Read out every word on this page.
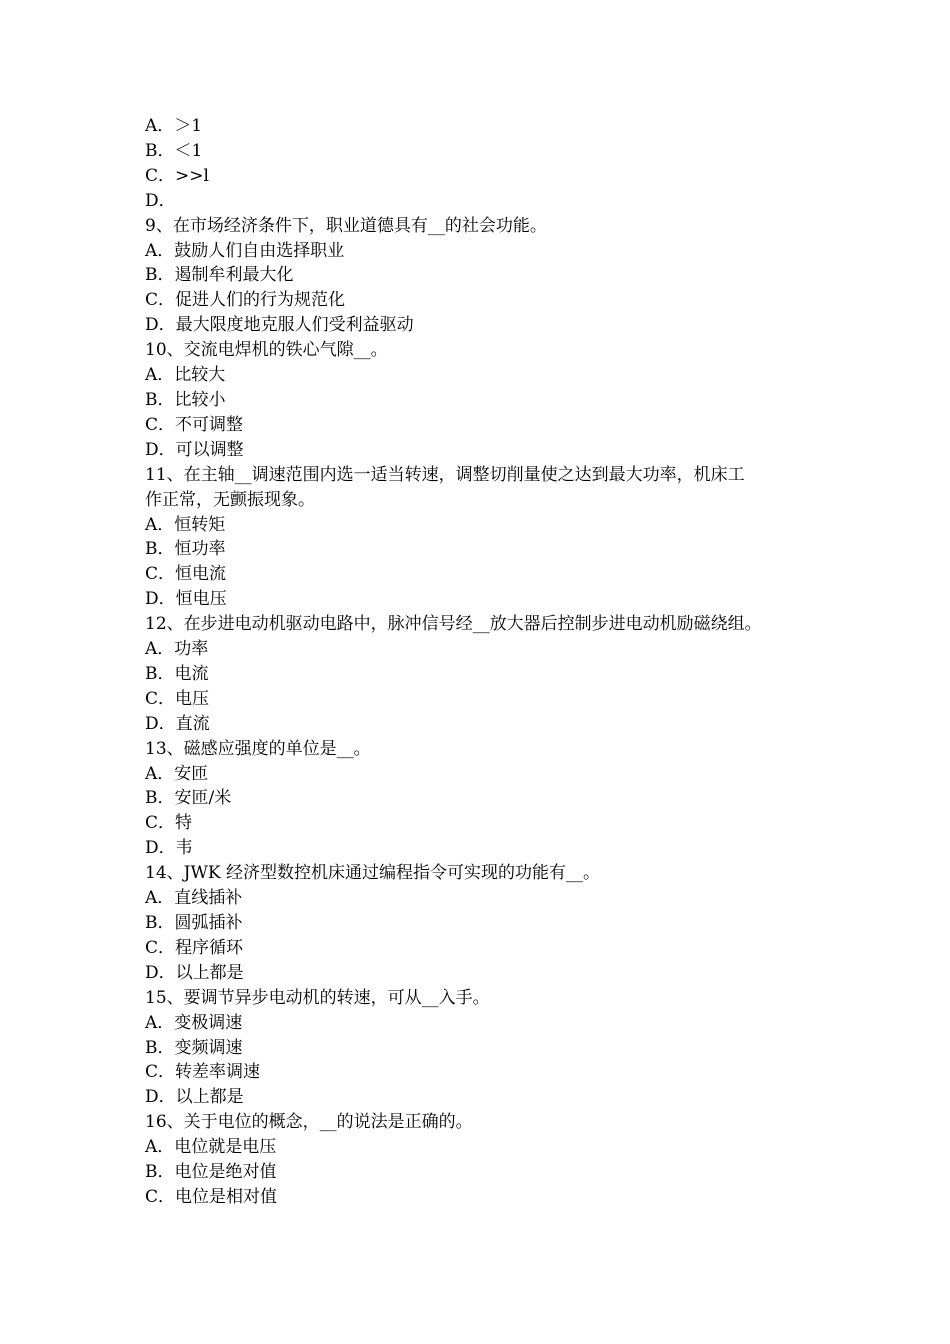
A．＞1
B．＜1
C．>>l
D．
9、在市场经济条件下，职业道德具有__的社会功能。
A．鼓励人们自由选择职业
B．遏制牟利最大化
C．促进人们的行为规范化
D．最大限度地克服人们受利益驱动
10、交流电焊机的铁心气隙__。
A．比较大
B．比较小
C．不可调整
D．可以调整
11、在主轴__调速范围内选一适当转速，调整切削量使之达到最大功率，机床工
作正常，无颤振现象。
A．恒转矩
B．恒功率
C．恒电流
D．恒电压
12、在步进电动机驱动电路中，脉冲信号经__放大器后控制步进电动机励磁绕组。
A．功率
B．电流
C．电压
D．直流
13、磁感应强度的单位是__。
A．安匝
B．安匝/米
C．特
D．韦
14、JWK 经济型数控机床通过编程指令可实现的功能有__。
A．直线插补
B．圆弧插补
C．程序循环
D．以上都是
15、要调节异步电动机的转速，可从__入手。
A．变极调速
B．变频调速
C．转差率调速
D．以上都是
16、关于电位的概念，__的说法是正确的。
A．电位就是电压
B．电位是绝对值
C．电位是相对值
